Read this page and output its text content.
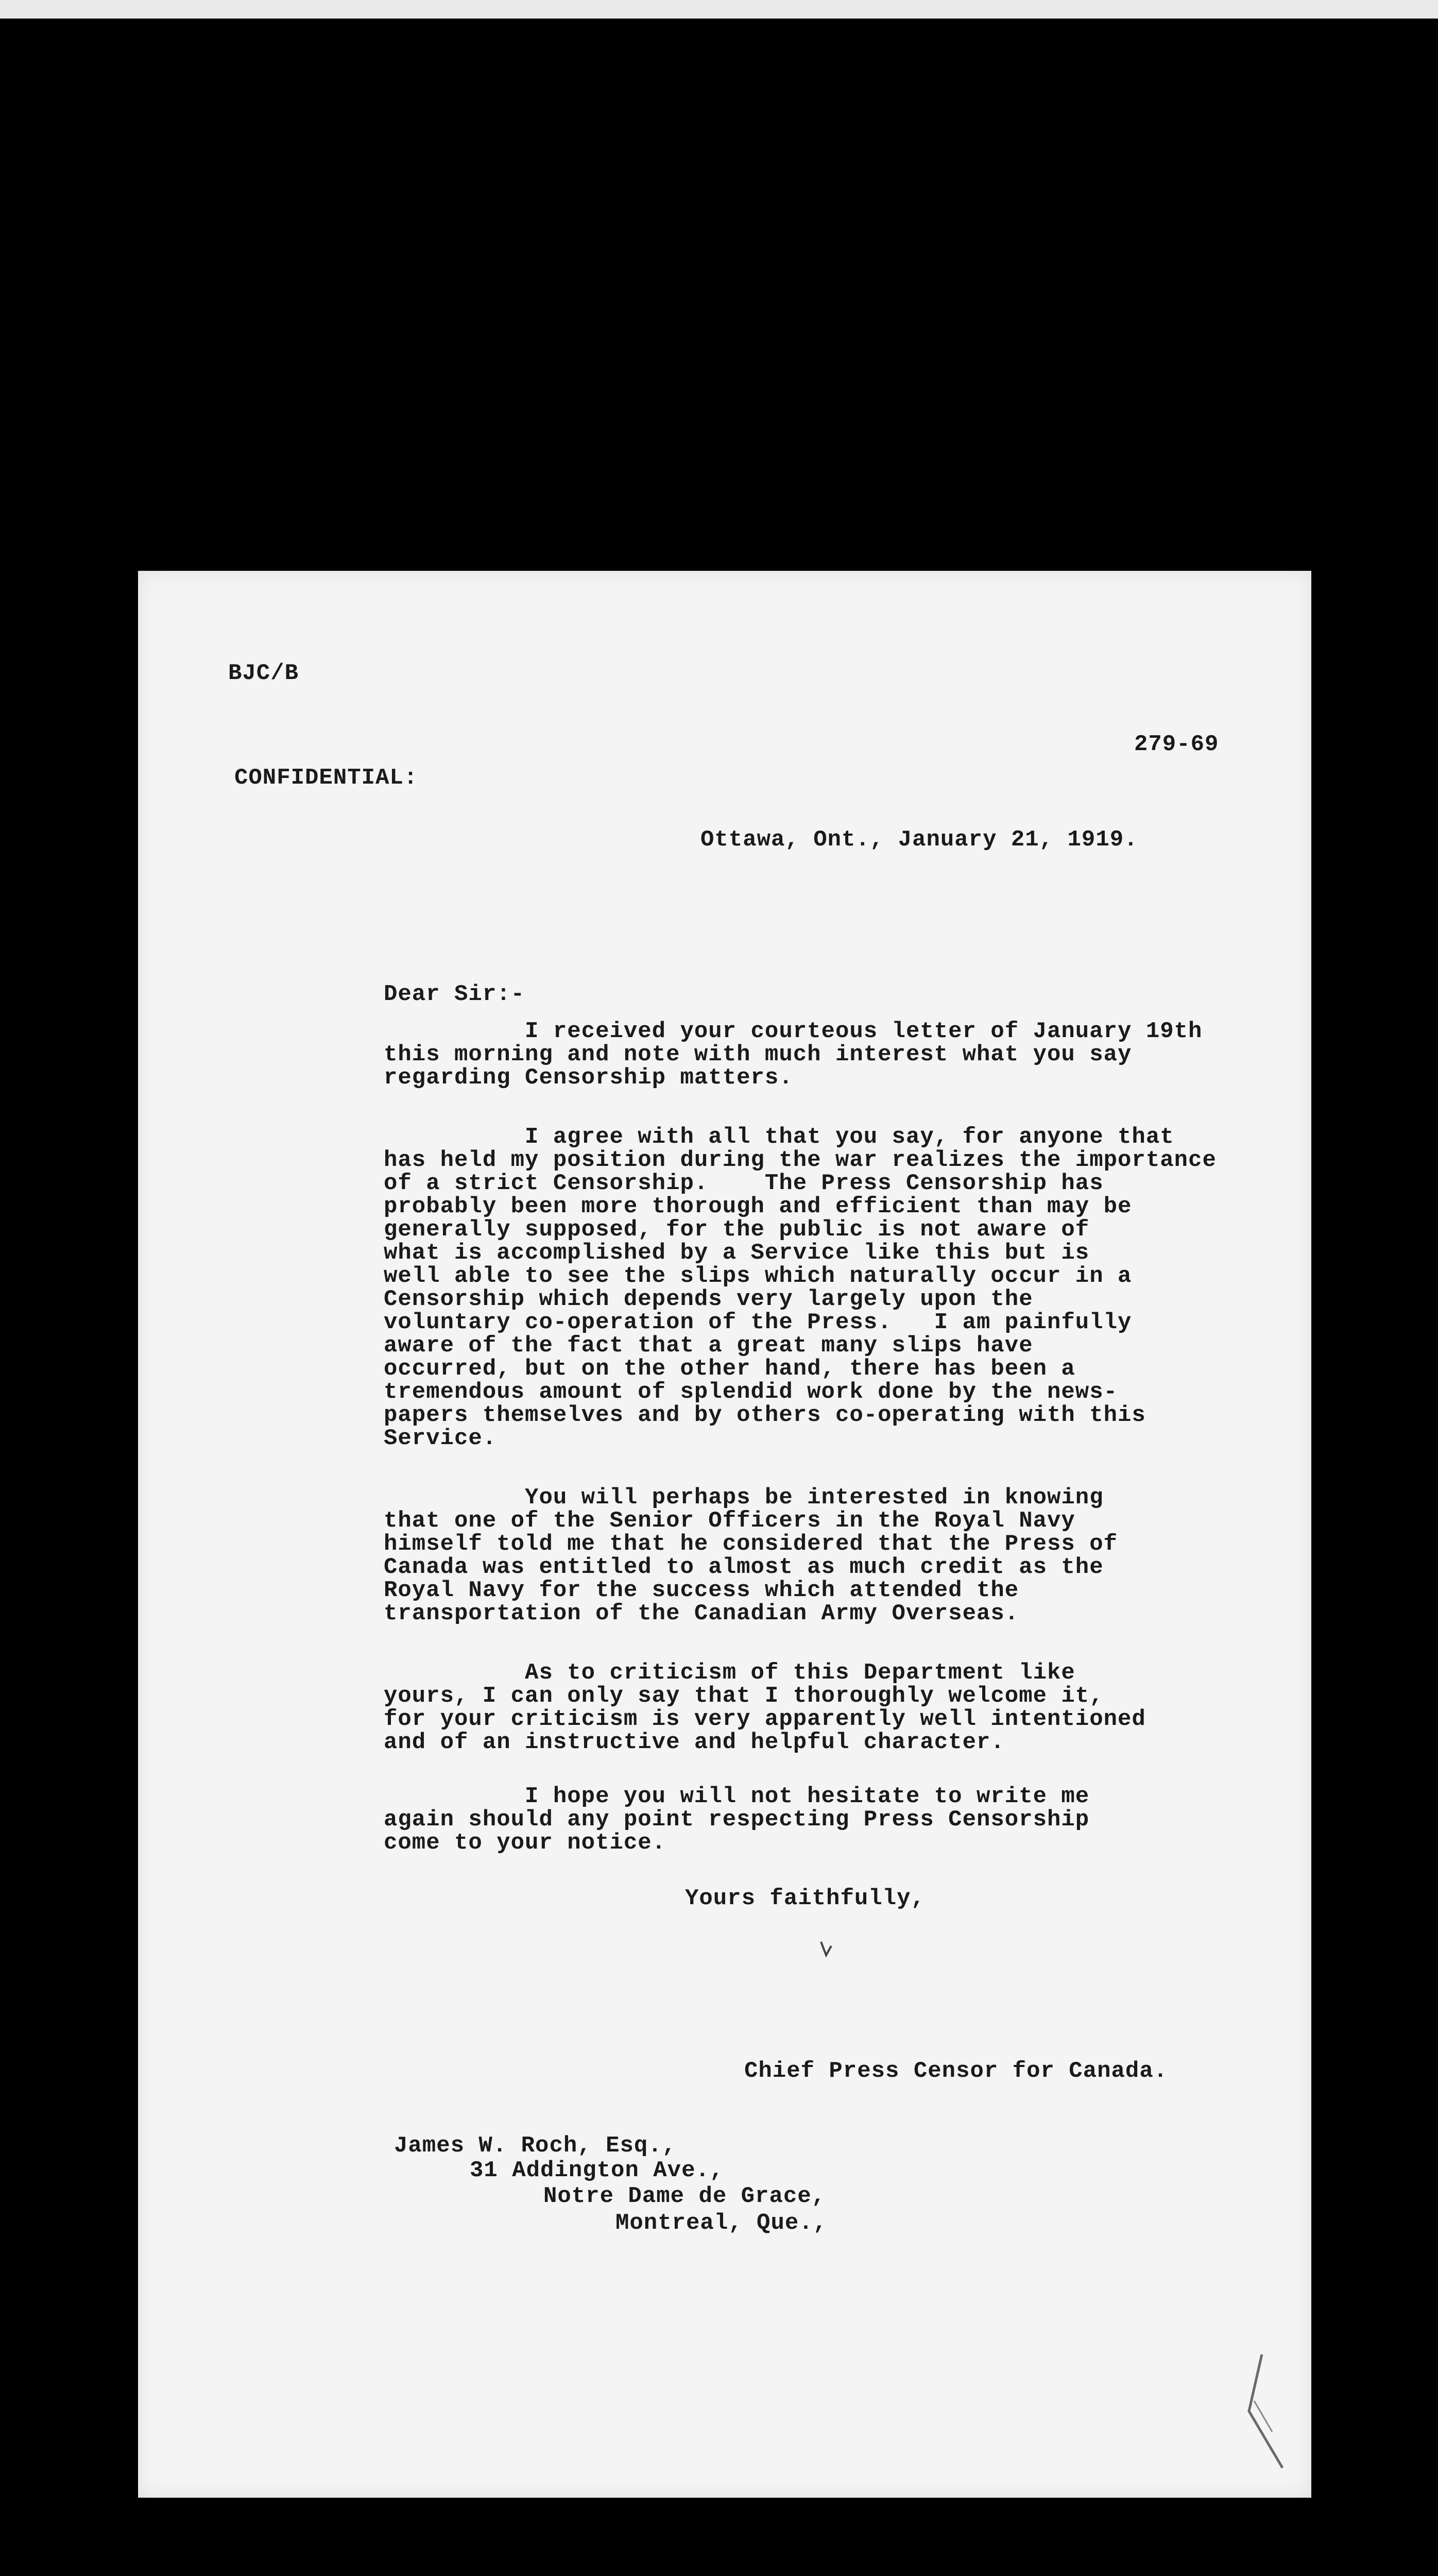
BJC/B
279-69
CONFIDENTIAL:
Ottawa, Ont., January 21, 1919.
Dear Sir:-
I received your courteous letter of January 19th
this morning and note with much interest what you say
regarding Censorship matters.
I agree with all that you say, for anyone that
has held my position during the war realizes the importance
of a strict Censorship.    The Press Censorship has
probably been more thorough and efficient than may be
generally supposed, for the public is not aware of
what is accomplished by a Service like this but is
well able to see the slips which naturally occur in a
Censorship which depends very largely upon the
voluntary co-operation of the Press.   I am painfully
aware of the fact that a great many slips have
occurred, but on the other hand, there has been a
tremendous amount of splendid work done by the news-
papers themselves and by others co-operating with this
Service.
You will perhaps be interested in knowing
that one of the Senior Officers in the Royal Navy
himself told me that he considered that the Press of
Canada was entitled to almost as much credit as the
Royal Navy for the success which attended the
transportation of the Canadian Army Overseas.
As to criticism of this Department like
yours, I can only say that I thoroughly welcome it,
for your criticism is very apparently well intentioned
and of an instructive and helpful character.
I hope you will not hesitate to write me
again should any point respecting Press Censorship
come to your notice.
Yours faithfully,
Chief Press Censor for Canada.
James W. Roch, Esq.,
31 Addington Ave.,
Notre Dame de Grace,
Montreal, Que.,
